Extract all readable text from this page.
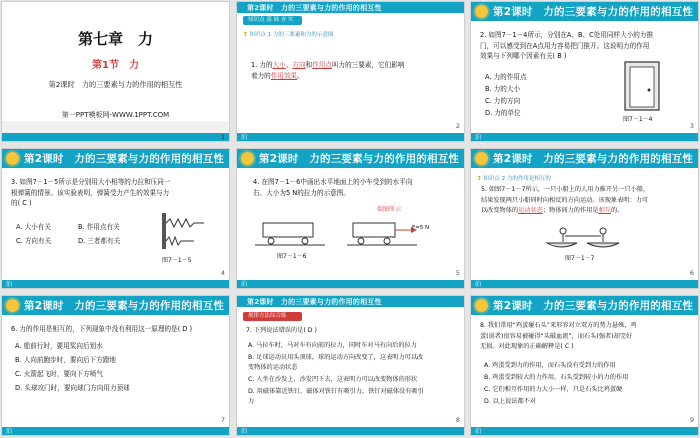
第七章　力
第1节　力
第2课时　力的三要素与力的作用的相互性
第一PPT模板网-WWW.1PPT.COM
1
第2课时　力的三要素与力的作用的相互性
知识点 基 础 夯 实
❢ 知识点 1 力的三要素和力的示意图
1. 力的大小、方向和作用点叫力的三要素，它们影响
着力的作用效果。
泊
2
第2课时　力的三要素与力的作用的相互性
2. 如图7－1－4所示，分别在A、B、C处用同样大小的力推
门，可以感受到在A点用力容易把门推开。这说明力的作用
效果与下列哪个因素有关( B )
A. 力的作用点
B. 力的大小
C. 力的方向
D. 力的单位
图7－1－4
泊
3
第2课时　力的三要素与力的作用的相互性
3. 如图7－1－5所示是分别用大小相等的力拉和压同一
根弹簧的情景。该实验表明，弹簧受力产生的效果与力
的( C )
A. 大小有关	B. 作用点有关
C. 方向有关	D. 三者都有关
图7－1－5
泊
4
第2课时　力的三要素与力的作用的相互性
4. 在图7－1－6中画出水平地面上的小车受到的水平向
右、大小为5 N的拉力的示意图。
如图所示
F=5 N
图7－1－6
泊
5
第2课时　力的三要素与力的作用的相互性
❢ 知识点 2 力的作用是相互的
5. 如图7－1－7所示，一只小船上的人用力推开另一只小船，
结果发现两只小船同时向相反的方向运动。该现象表明：力可
以改变物体的运动状态；物体间力的作用是相互的。
图7－1－7
泊
6
第2课时　力的三要素与力的作用的相互性
6. 力的作用是相互的，下列现象中没有利用这一原理的是( D )
A. 船前行时，要用桨向后划水
B. 人向前跑步时，要向后下方蹬地
C. 火箭起飞时，要向下方喷气
D. 头球攻门时，要向球门方向用力顶球
泊
7
第2课时　力的三要素与力的作用的相互性
规律方法综合练
7. 下列说法错误的是( D )
A. 马拉车时，马对车有向前的拉力，同时车对马有向后的拉力
B. 足球运动员用头顶球，球的运动方向改变了，这表明力可以改
变物体的运动状态
C. 人坐在沙发上，沙发凹下去，这表明力可以改变物体的形状
D. 用磁体靠近铁钉，磁体对铁钉有吸引力，铁钉对磁体没有吸引
力
泊
8
第2课时　力的三要素与力的作用的相互性
8. 我们常用“鸡蛋碰石头”来形容对立双方的势力悬殊，鸡
蛋(弱者)很容易被碰得“头破血流”，而石头(强者)却完好
无损。对此现象的正确解释是( C )
A. 鸡蛋受到力的作用，而石头没有受到力的作用
B. 鸡蛋受到较大的力作用，石头受到较小的力的作用
C. 它们相互作用的力大小一样，只是石头比鸡蛋硬
D. 以上说法都不对
泊
9
